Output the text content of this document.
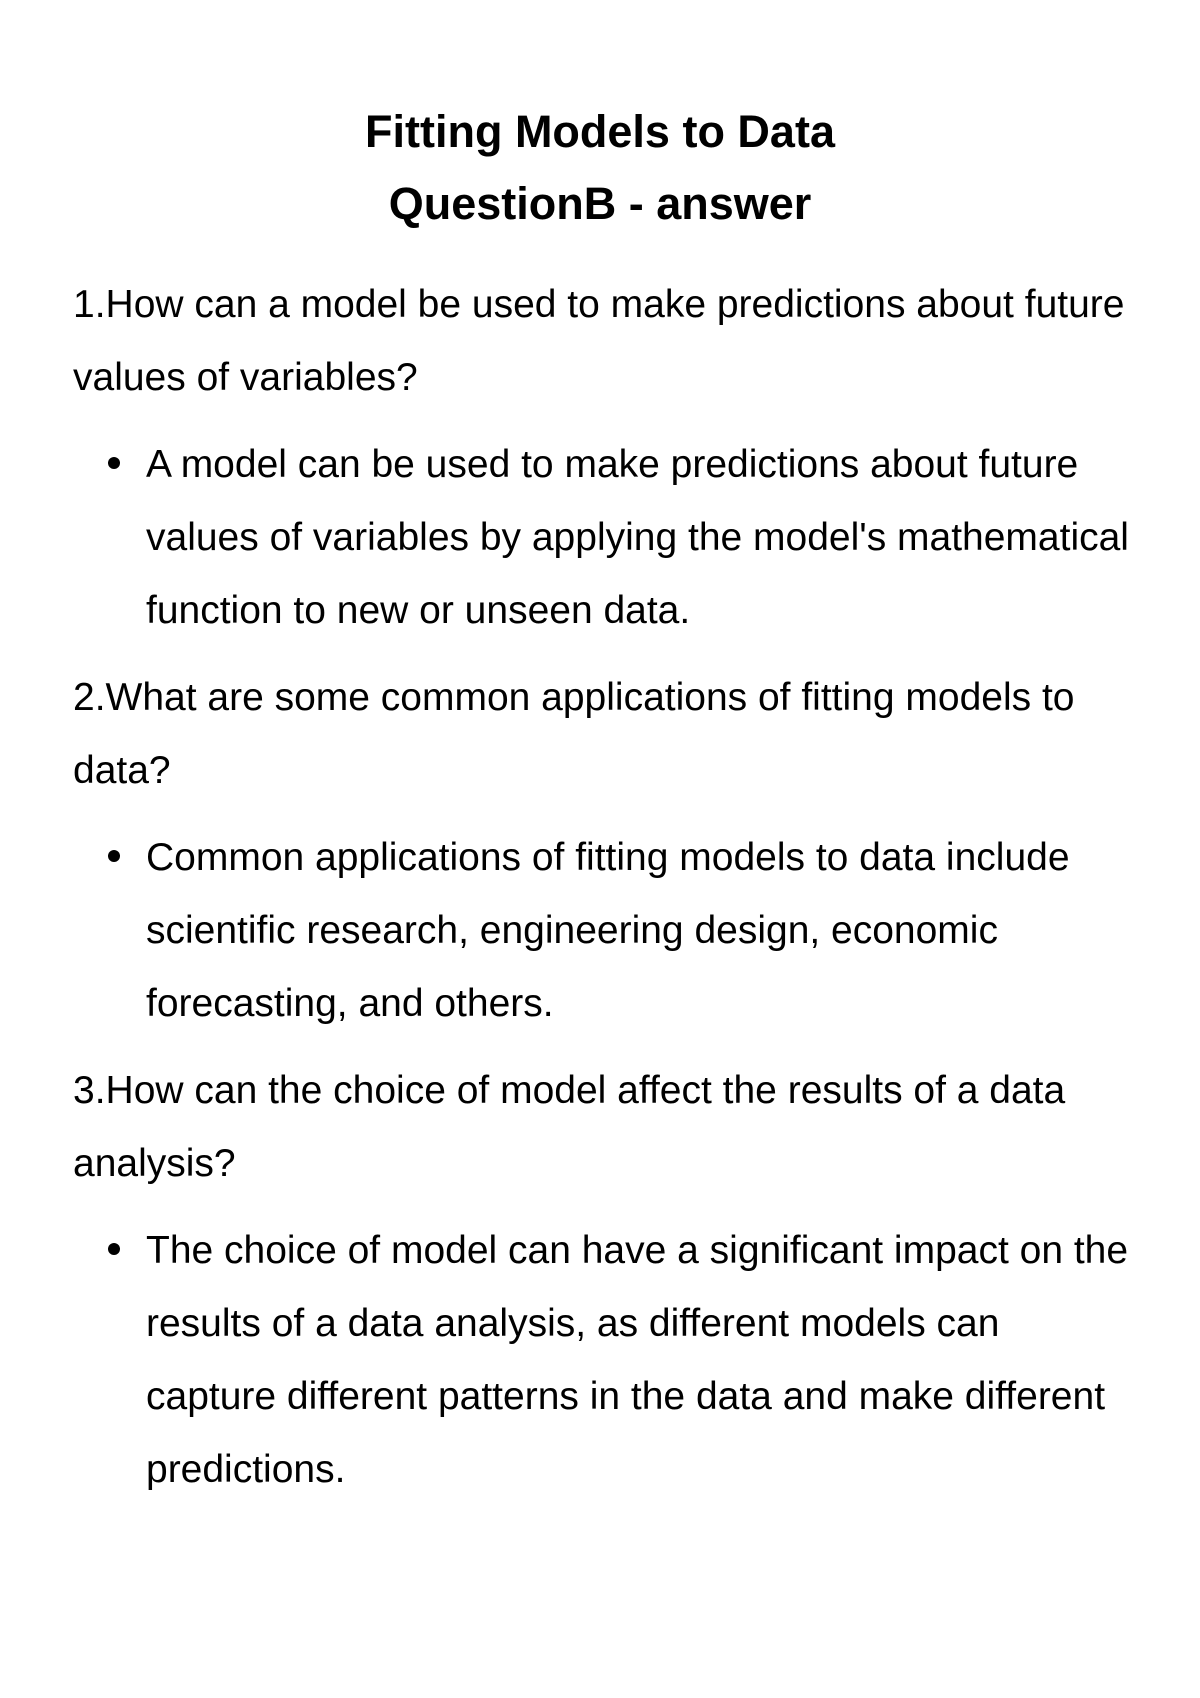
Fitting Models to Data
QuestionB - answer

1.How can a model be used to make predictions about future values of variables?

A model can be used to make predictions about future values of variables by applying the model's mathematical function to new or unseen data.

2.What are some common applications of fitting models to data?

Common applications of fitting models to data include scientific research, engineering design, economic forecasting, and others.

3.How can the choice of model affect the results of a data analysis?

The choice of model can have a significant impact on the results of a data analysis, as different models can capture different patterns in the data and make different predictions.
